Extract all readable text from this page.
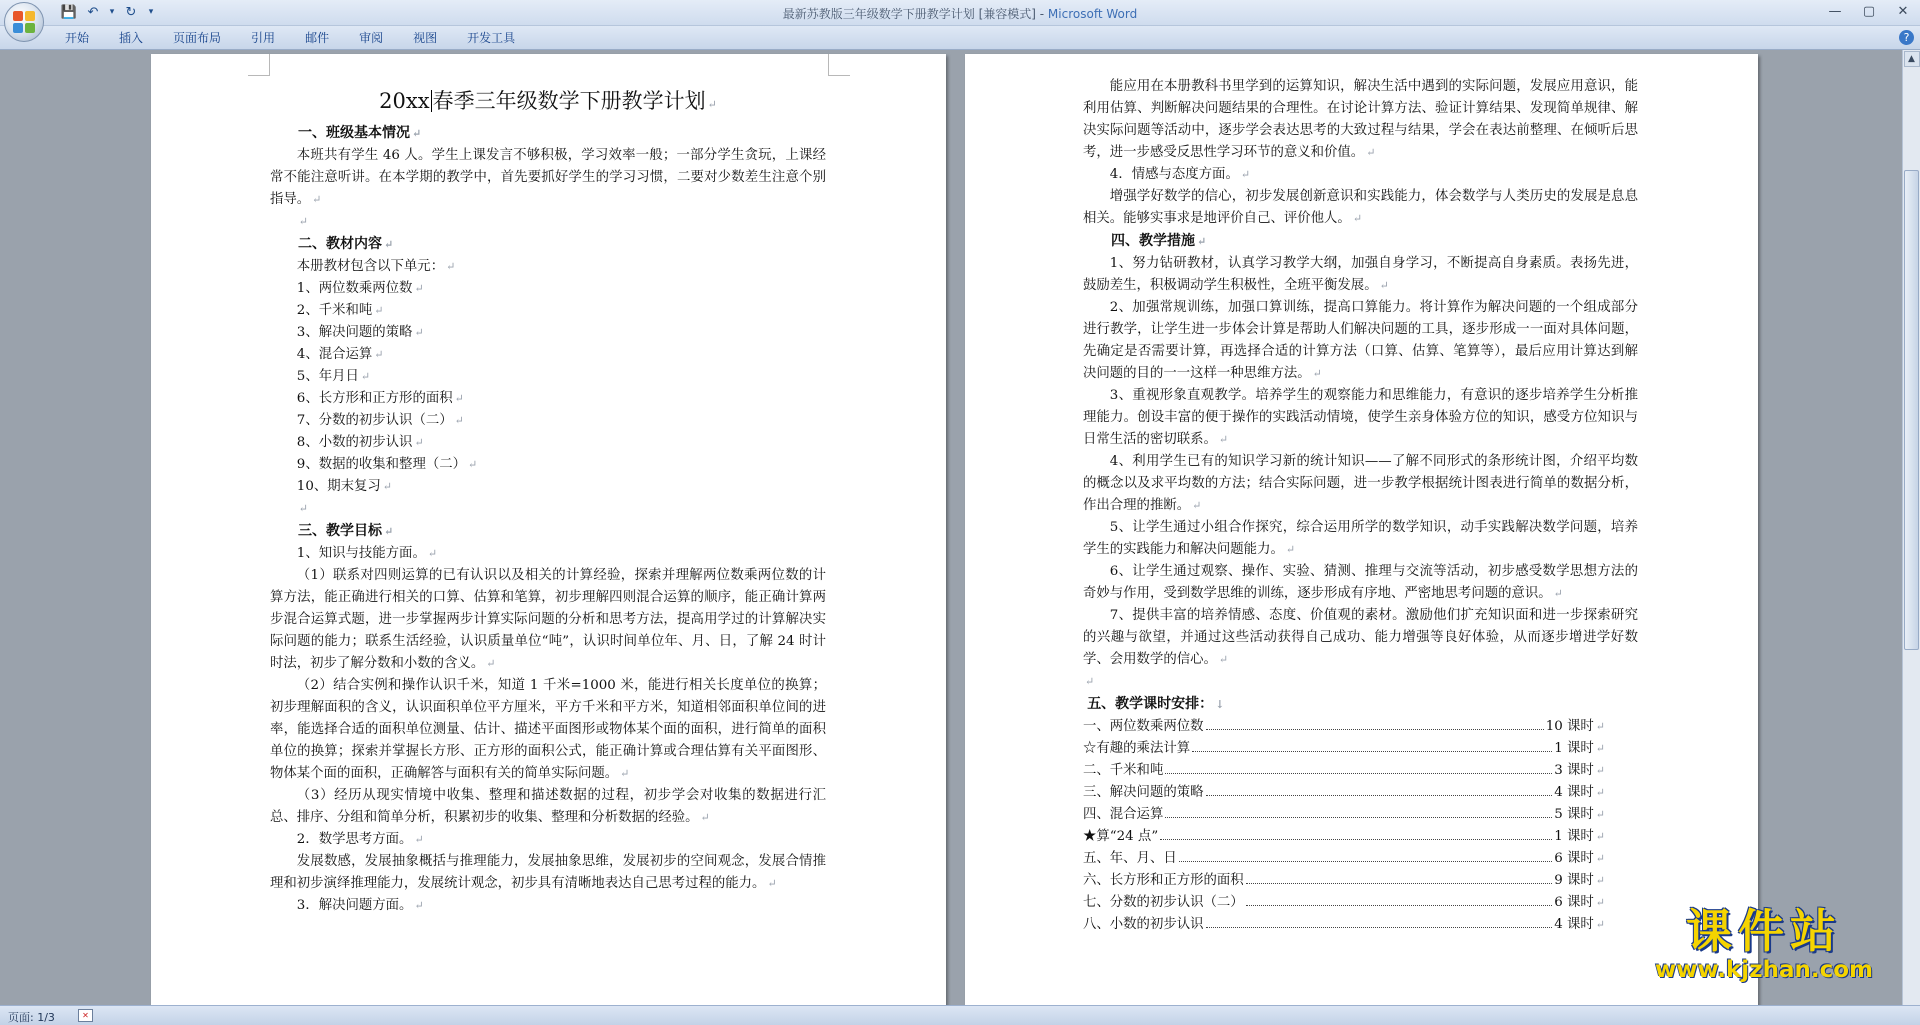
💾 ↶	▾ ↻	▾	最新苏教版三年级数学下册教学计划 [兼容模式] - Microsoft Word	—	▢	✕
开始	插入	页面布局	引用	邮件	审阅	视图	开发工具	?
20xx 春季三年级数学下册教学计划 ↵
一、班级基本情况 ↵
本班共有学生 46 人。学生上课发言不够积极，学习效率一般；一部分学生贪玩，上课经常不能注意听讲。在本学期的教学中，首先要抓好学生的学习习惯，二要对少数差生注意个别指导。 ↵
↵
二、教材内容 ↵
本册教材包含以下单元： ↵
1、两位数乘两位数 ↵
2、千米和吨 ↵
3、解决问题的策略 ↵
4、混合运算 ↵
5、年月日 ↵
6、长方形和正方形的面积 ↵
7、分数的初步认识（二） ↵
8、小数的初步认识 ↵
9、数据的收集和整理（二） ↵
10、期末复习 ↵
↵
三、教学目标 ↵
1、知识与技能方面。 ↵
（1）联系对四则运算的已有认识以及相关的计算经验，探索并理解两位数乘两位数的计算方法，能正确进行相关的口算、估算和笔算，初步理解四则混合运算的顺序，能正确计算两步混合运算式题，进一步掌握两步计算实际问题的分析和思考方法，提高用学过的计算解决实际问题的能力；联系生活经验，认识质量单位“吨”，认识时间单位年、月、日，了解 24 时计时法，初步了解分数和小数的含义。 ↵
（2）结合实例和操作认识千米，知道 1 千米=1000 米，能进行相关长度单位的换算；初步理解面积的含义，认识面积单位平方厘米，平方千米和平方米，知道相邻面积单位间的进率，能选择合适的面积单位测量、估计、描述平面图形或物体某个面的面积，进行简单的面积单位的换算；探索并掌握长方形、正方形的面积公式，能正确计算或合理估算有关平面图形、物体某个面的面积，正确解答与面积有关的简单实际问题。 ↵
（3）经历从现实情境中收集、整理和描述数据的过程，初步学会对收集的数据进行汇总、排序、分组和简单分析，积累初步的收集、整理和分析数据的经验。 ↵
2．数学思考方面。 ↵
发展数感，发展抽象概括与推理能力，发展抽象思维，发展初步的空间观念，发展合情推理和初步演绎推理能力，发展统计观念，初步具有清晰地表达自己思考过程的能力。 ↵
3．解决问题方面。 ↵
能应用在本册教科书里学到的运算知识，解决生活中遇到的实际问题，发展应用意识，能利用估算、判断解决问题结果的合理性。在讨论计算方法、验证计算结果、发现简单规律、解决实际问题等活动中，逐步学会表达思考的大致过程与结果，学会在表达前整理、在倾听后思考，进一步感受反思性学习环节的意义和价值。 ↵
4．情感与态度方面。 ↵
增强学好数学的信心，初步发展创新意识和实践能力，体会数学与人类历史的发展是息息相关。能够实事求是地评价自己、评价他人。 ↵
四、教学措施 ↵
1、努力钻研教材，认真学习教学大纲，加强自身学习，不断提高自身素质。表扬先进，鼓励差生，积极调动学生积极性，全班平衡发展。 ↵
2、加强常规训练，加强口算训练，提高口算能力。将计算作为解决问题的一个组成部分进行教学，让学生进一步体会计算是帮助人们解决问题的工具，逐步形成一一面对具体问题，先确定是否需要计算，再选择合适的计算方法（口算、估算、笔算等），最后应用计算达到解决问题的目的一一这样一种思维方法。 ↵
3、重视形象直观教学。培养学生的观察能力和思维能力，有意识的逐步培养学生分析推理能力。创设丰富的便于操作的实践活动情境，使学生亲身体验方位的知识，感受方位知识与日常生活的密切联系。 ↵
4、利用学生已有的知识学习新的统计知识——了解不同形式的条形统计图，介绍平均数的概念以及求平均数的方法；结合实际问题，进一步教学根据统计图表进行简单的数据分析，作出合理的推断。 ↵
5、让学生通过小组合作探究，综合运用所学的数学知识，动手实践解决数学问题，培养学生的实践能力和解决问题能力。 ↵
6、让学生通过观察、操作、实验、猜测、推理与交流等活动，初步感受数学思想方法的奇妙与作用，受到数学思维的训练，逐步形成有序地、严密地思考问题的意识。 ↵
7、提供丰富的培养情感、态度、价值观的素材。激励他们扩充知识面和进一步探索研究的兴趣与欲望，并通过这些活动获得自己成功、能力增强等良好体验，从而逐步增进学好数学、会用数学的信心。 ↵
↵
五、教学课时安排： ↓
一、两位数乘两位数	10 课时 ↵
☆有趣的乘法计算	1 课时 ↵
二、千米和吨	3 课时 ↵
三、解决问题的策略	4 课时 ↵
四、混合运算	5 课时 ↵
★算“24 点”	1 课时 ↵
五、年、月、日	6 课时 ↵
六、长方形和正方形的面积	9 课时 ↵
七、分数的初步认识（二）	6 课时 ↵
八、小数的初步认识	4 课时 ↵	课件站
www.kjzhan.com
▲
页面: 1/3	✕
